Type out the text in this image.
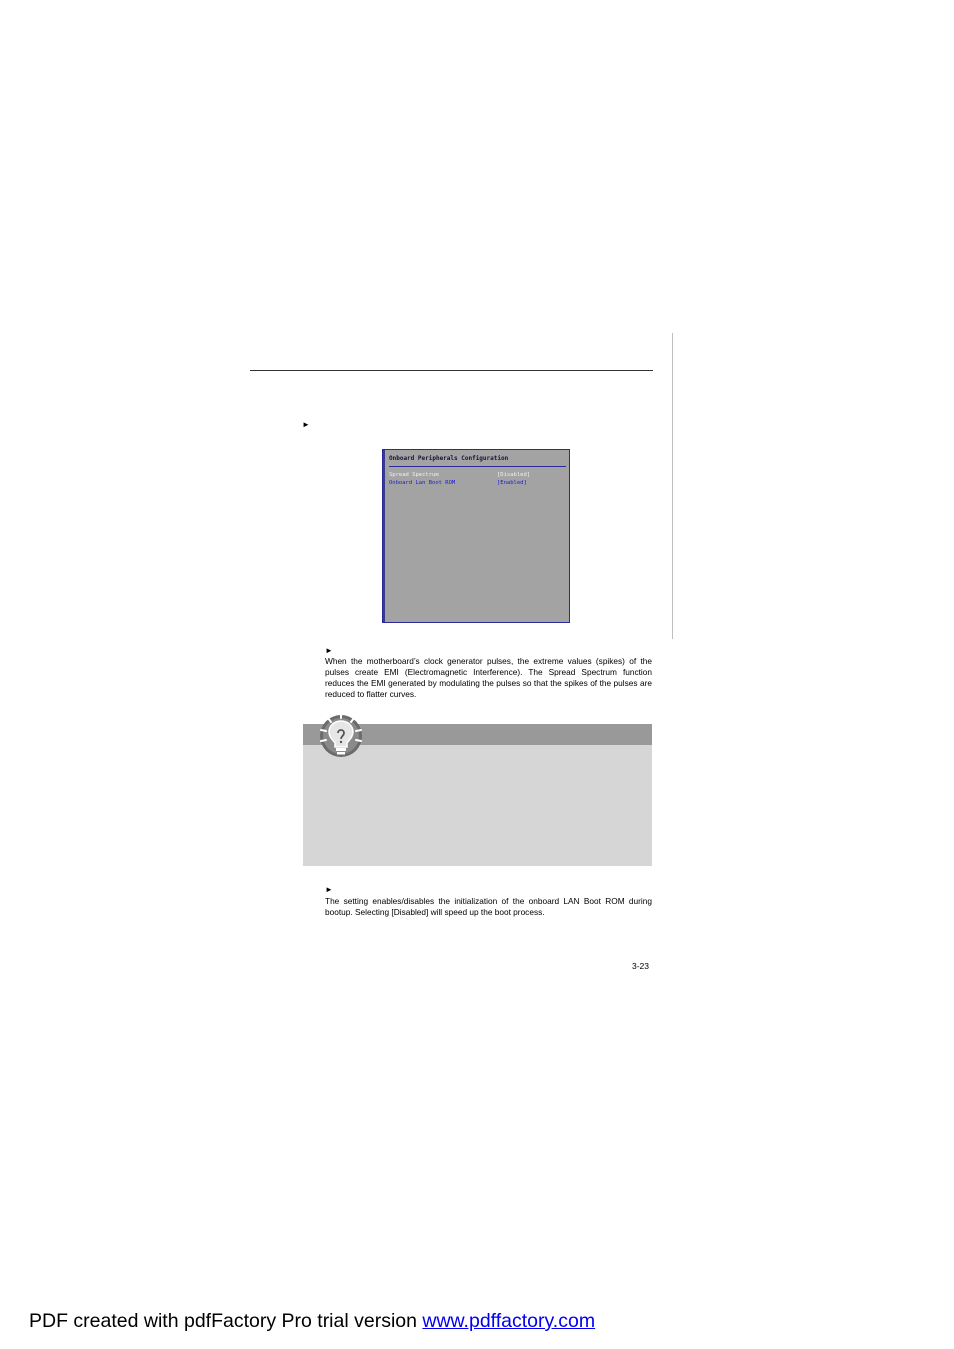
►
Onboard Peripherals Configuration
Spread Spectrum	[Disabled]
Onboard Lan Boot ROM	[Enabled]
►
When the motherboard’s clock generator pulses, the extreme values (spikes) of the pulses create EMI (Electromagnetic Interference). The Spread Spectrum function reduces the EMI generated by modulating the pulses so that the spikes of the pulses are reduced to flatter curves.
►
The setting enables/disables the initialization of the onboard LAN Boot ROM during bootup. Selecting [Disabled] will speed up the boot process.
3-23
PDF created with pdfFactory Pro trial version www.pdffactory.com
